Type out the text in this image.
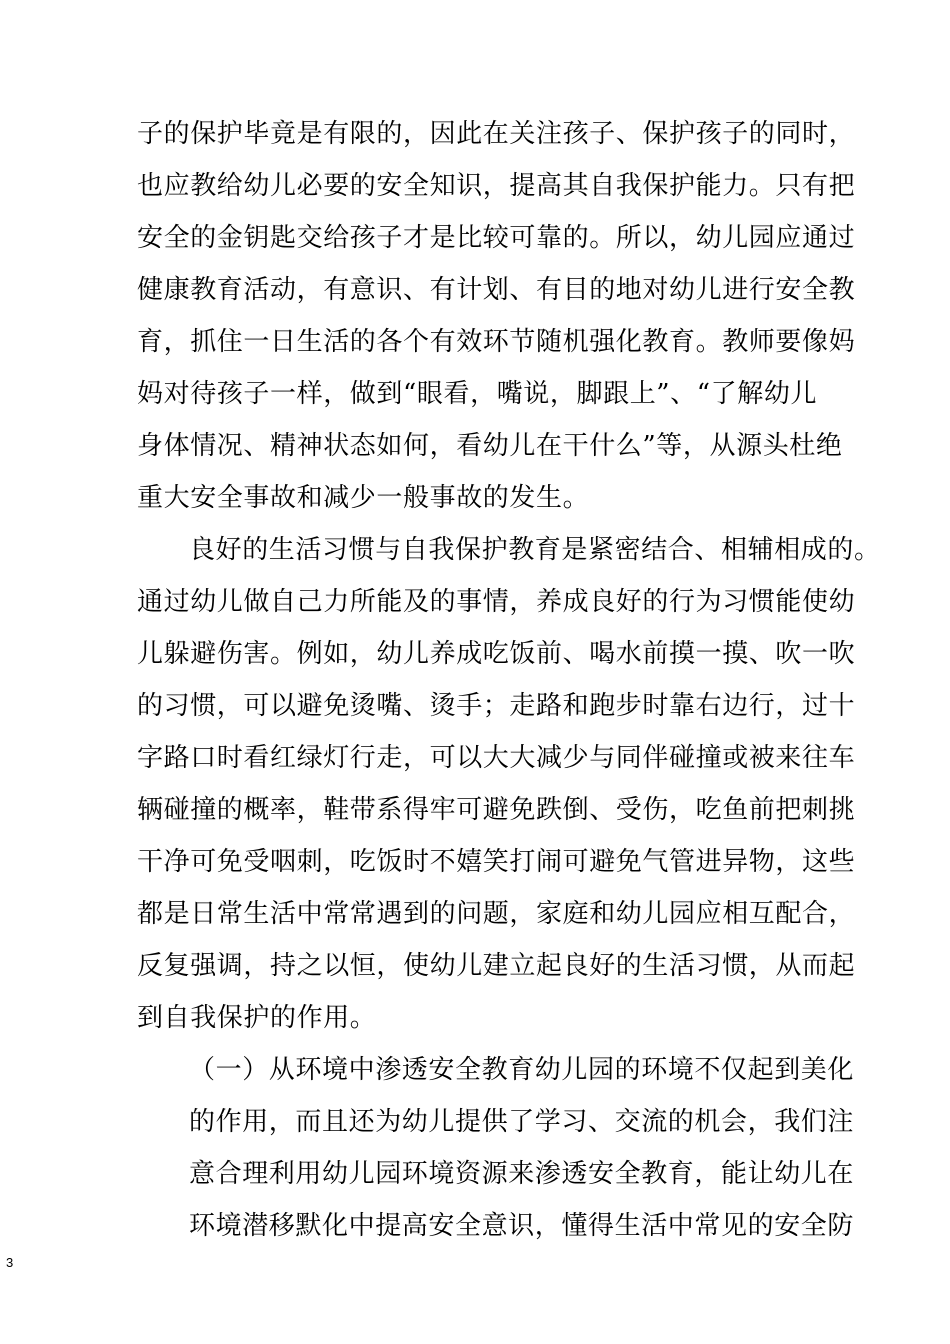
子的保护毕竟是有限的，因此在关注孩子、保护孩子的同时，
也应教给幼儿必要的安全知识，提高其自我保护能力。只有把
安全的金钥匙交给孩子才是比较可靠的。所以，幼儿园应通过
健康教育活动，有意识、有计划、有目的地对幼儿进行安全教
育，抓住一日生活的各个有效环节随机强化教育。教师要像妈
妈对待孩子一样，做到“眼看，嘴说，脚跟上”、“了解幼儿
身体情况、精神状态如何，看幼儿在干什么”等，从源头杜绝
重大安全事故和减少一般事故的发生。
良好的生活习惯与自我保护教育是紧密结合、相辅相成的。
通过幼儿做自己力所能及的事情，养成良好的行为习惯能使幼
儿躲避伤害。例如，幼儿养成吃饭前、喝水前摸一摸、吹一吹
的习惯，可以避免烫嘴、烫手；走路和跑步时靠右边行，过十
字路口时看红绿灯行走，可以大大减少与同伴碰撞或被来往车
辆碰撞的概率，鞋带系得牢可避免跌倒、受伤，吃鱼前把刺挑
干净可免受咽刺，吃饭时不嬉笑打闹可避免气管进异物，这些
都是日常生活中常常遇到的问题，家庭和幼儿园应相互配合，
反复强调，持之以恒，使幼儿建立起良好的生活习惯，从而起
到自我保护的作用。
（一）从环境中渗透安全教育幼儿园的环境不仅起到美化
的作用，而且还为幼儿提供了学习、交流的机会，我们注
意合理利用幼儿园环境资源来渗透安全教育，能让幼儿在
环境潜移默化中提高安全意识，懂得生活中常见的安全防
3
